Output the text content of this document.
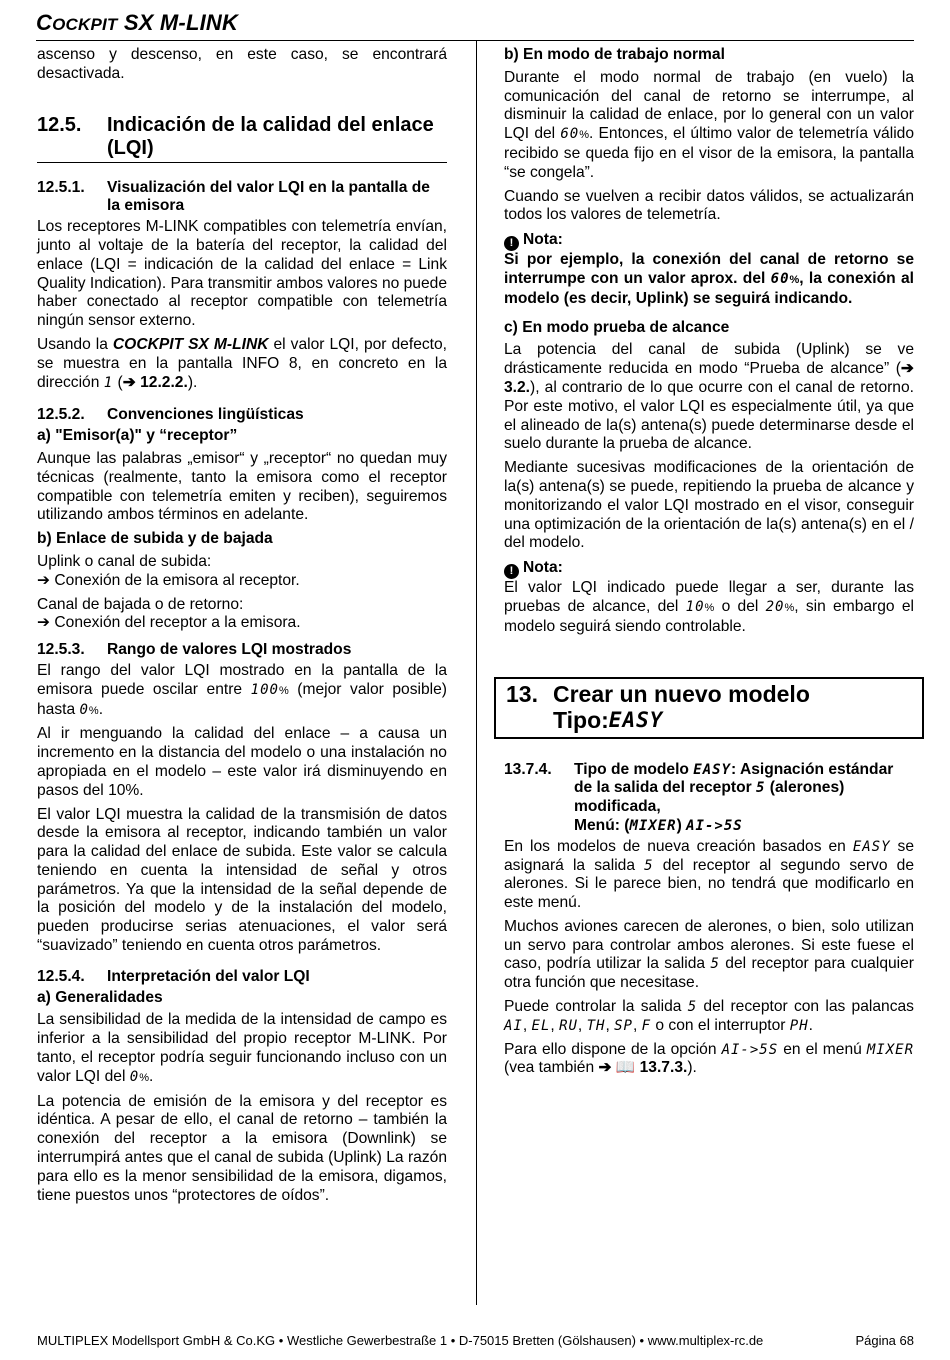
COCKPIT SX M-LINK

ascenso y descenso, en este caso, se encontrará desactivada.

12.5.	Indicación de la calidad del enlace (LQI)
12.5.1.	Visualización del valor LQI en la pantalla de la emisora

Los receptores M-LINK compatibles con telemetría envían, junto al voltaje de la batería del receptor, la calidad del enlace (LQI = indicación de la calidad del enlace = Link Quality Indication). Para transmitir ambos valores no puede haber conectado al receptor compatible con telemetría ningún sensor externo.

Usando la COCKPIT SX M-LINK el valor LQI, por defecto, se muestra en la pantalla INFO 8, en concreto en la dirección 1 (➔ 12.2.2.).

12.5.2.	Convenciones lingüísticas
a) "Emisor(a)" y “receptor”

Aunque las palabras „emisor“ y „receptor“ no quedan muy técnicas (realmente, tanto la emisora como el receptor compatible con telemetría emiten y reciben), seguiremos utilizando ambos términos en adelante.

b) Enlace de subida y de bajada

Uplink o canal de subida:

➔ Conexión de la emisora al receptor.

Canal de bajada o de retorno:

➔ Conexión del receptor a la emisora.

12.5.3.	Rango de valores LQI mostrados

El rango del valor LQI mostrado en la pantalla de la emisora puede oscilar entre 100% (mejor valor posible) hasta 0%.

Al ir menguando la calidad del enlace – a causa un incremento en la distancia del modelo o una instalación no apropiada en el modelo – este valor irá disminuyendo en pasos del 10%.

El valor LQI muestra la calidad de la transmisión de datos desde la emisora al receptor, indicando también un valor para la calidad del enlace de subida. Este valor se calcula teniendo en cuenta la intensidad de señal y otros parámetros. Ya que la intensidad de la señal depende de la posición del modelo y de la instalación del modelo, pueden producirse serias atenuaciones, el valor será “suavizado” teniendo en cuenta otros parámetros.

12.5.4.	Interpretación del valor LQI
a) Generalidades

La sensibilidad de la medida de la intensidad de campo es inferior a la sensibilidad del propio receptor M-LINK. Por tanto, el receptor podría seguir funcionando incluso con un valor LQI del 0%.

La potencia de emisión de la emisora y del receptor es idéntica. A pesar de ello, el canal de retorno – también la conexión del receptor a la emisora (Downlink) se interrumpirá antes que el canal de subida (Uplink) La razón para ello es la menor sensibilidad de la emisora, digamos, tiene puestos unos “protectores de oídos”.

b) En modo de trabajo normal

Durante el modo normal de trabajo (en vuelo) la comunicación del canal de retorno se interrumpe, al disminuir la calidad de enlace, por lo general con un valor LQI del 60%. Entonces, el último valor de telemetría válido recibido se queda fijo en el visor de la emisora, la pantalla “se congela”.

Cuando se vuelven a recibir datos válidos, se actualizarán todos los valores de telemetría.

! Nota:

Si por ejemplo, la conexión del canal de retorno se interrumpe con un valor aprox. del 60%, la conexión al modelo (es decir, Uplink) se seguirá indicando.

c) En modo prueba de alcance

La potencia del canal de subida (Uplink) se ve drásticamente reducida en modo “Prueba de alcance” (➔ 3.2.), al contrario de lo que ocurre con el canal de retorno. Por este motivo, el valor LQI es especialmente útil, ya que el alineado de la(s) antena(s) puede determinarse desde el suelo durante la prueba de alcance.

Mediante sucesivas modificaciones de la orientación de la(s) antena(s) se puede, repitiendo la prueba de alcance y monitorizando el valor LQI mostrado en el visor, conseguir una optimización de la orientación de la(s) antena(s) en el / del modelo.

! Nota:

El valor LQI indicado puede llegar a ser, durante las pruebas de alcance, del 10% o del 20%, sin embargo el modelo seguirá siendo controlable.

13. Crear un nuevo modelo
Tipo: EASY
13.7.4.	Tipo de modelo EASY: Asignación estándar de la salida del receptor 5 (alerones) modificada,
Menú: (MIXER) AI->5S

En los modelos de nueva creación basados en EASY se asignará la salida 5 del receptor al segundo servo de alerones. Si le parece bien, no tendrá que modificarlo en este menú.

Muchos aviones carecen de alerones, o bien, solo utilizan un servo para controlar ambos alerones. Si este fuese el caso, podría utilizar la salida 5 del receptor para cualquier otra función que necesitase.

Puede controlar la salida 5 del receptor con las palancas AI, EL, RU, TH, SP, F o con el interruptor PH.

Para ello dispone de la opción AI->5S en el menú MIXER (vea también ➔ 📖 13.7.3.).

MULTIPLEX Modellsport GmbH & Co.KG • Westliche Gewerbestraße 1 • D-75015 Bretten (Gölshausen) • www.multiplex-rc.de	Página 68
